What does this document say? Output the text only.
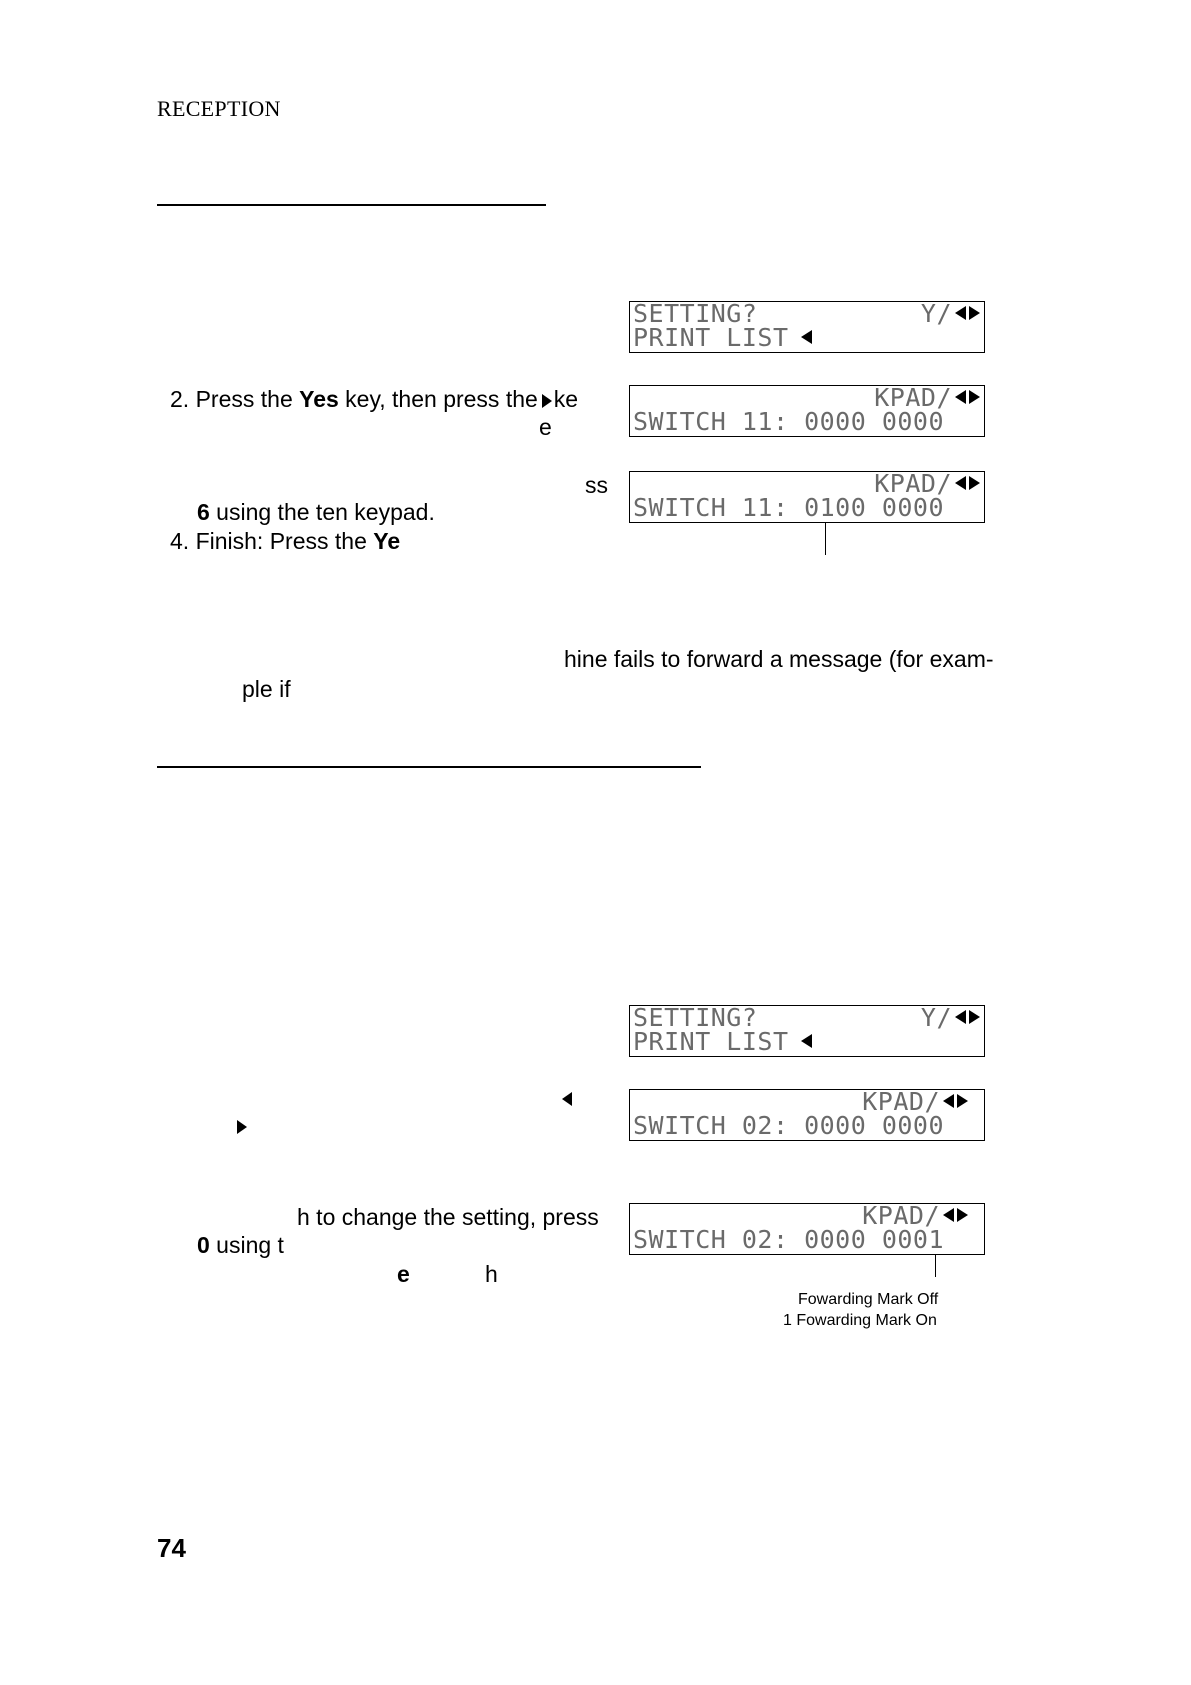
RECEPTION
SETTING?	Y/
PRINT LIST
KPAD/
SWITCH 11: 0000 0000
KPAD/
SWITCH 11: 0100 0000
2. Press the Yes key, then press the ke
e
ss
6 using the ten keypad.
4. Finish: Press the Ye
hine fails to forward a message (for exam-
ple if
SETTING?	Y/
PRINT LIST
KPAD/
SWITCH 02: 0000 0000
KPAD/
SWITCH 02: 0000 0001
Fowarding Mark Off
1 Fowarding Mark On
h to change the setting, press
0 using t
e	h
74
